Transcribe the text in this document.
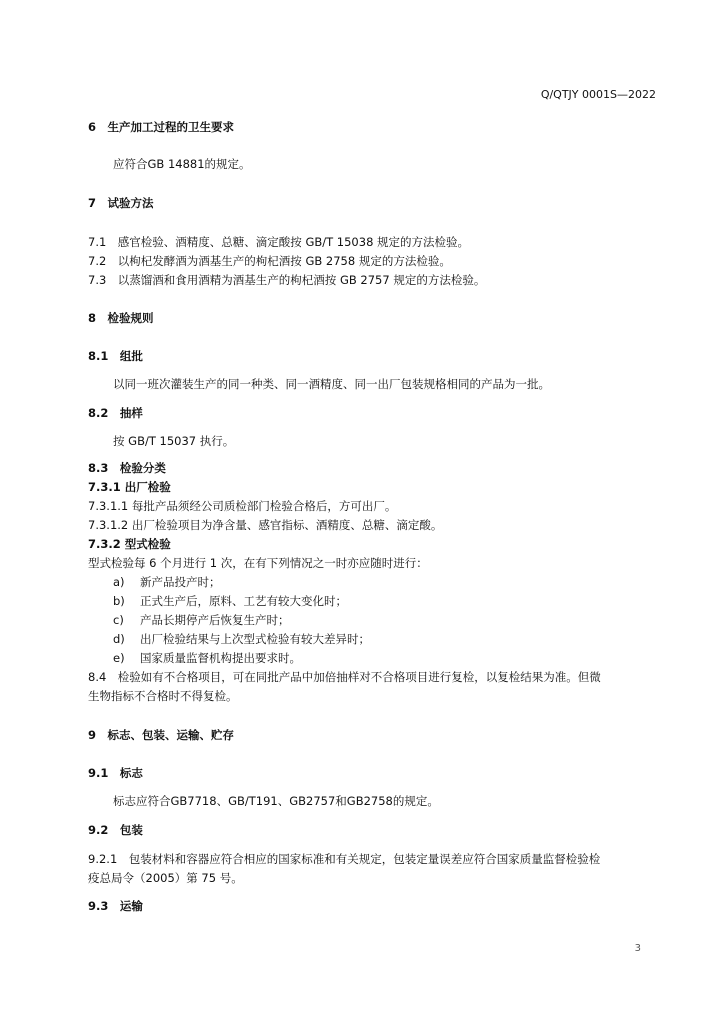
Q/QTJY 0001S—2022
6　生产加工过程的卫生要求
应符合GB 14881的规定。
7　试验方法
7.1　感官检验、酒精度、总糖、滴定酸按 GB/T 15038 规定的方法检验。
7.2　以枸杞发酵酒为酒基生产的枸杞酒按 GB 2758 规定的方法检验。
7.3　以蒸馏酒和食用酒精为酒基生产的枸杞酒按 GB 2757 规定的方法检验。
8　检验规则
8.1　组批
以同一班次灌装生产的同一种类、同一酒精度、同一出厂包装规格相同的产品为一批。
8.2　抽样
按 GB/T 15037 执行。
8.3　检验分类
7.3.1 出厂检验
7.3.1.1 每批产品须经公司质检部门检验合格后，方可出厂。
7.3.1.2 出厂检验项目为净含量、感官指标、酒精度、总糖、滴定酸。
7.3.2 型式检验
型式检验每 6 个月进行 1 次，在有下列情况之一时亦应随时进行：
a) 新产品投产时；
b) 正式生产后，原料、工艺有较大变化时；
c) 产品长期停产后恢复生产时；
d) 出厂检验结果与上次型式检验有较大差异时；
e) 国家质量监督机构提出要求时。
8.4　检验如有不合格项目，可在同批产品中加倍抽样对不合格项目进行复检，以复检结果为准。但微
生物指标不合格时不得复检。
9　标志、包装、运输、贮存
9.1　标志
标志应符合GB7718、GB/T191、GB2757和GB2758的规定。
9.2　包装
9.2.1　包装材料和容器应符合相应的国家标准和有关规定，包装定量误差应符合国家质量监督检验检
疫总局令（2005）第 75 号。
9.3　运输
3
